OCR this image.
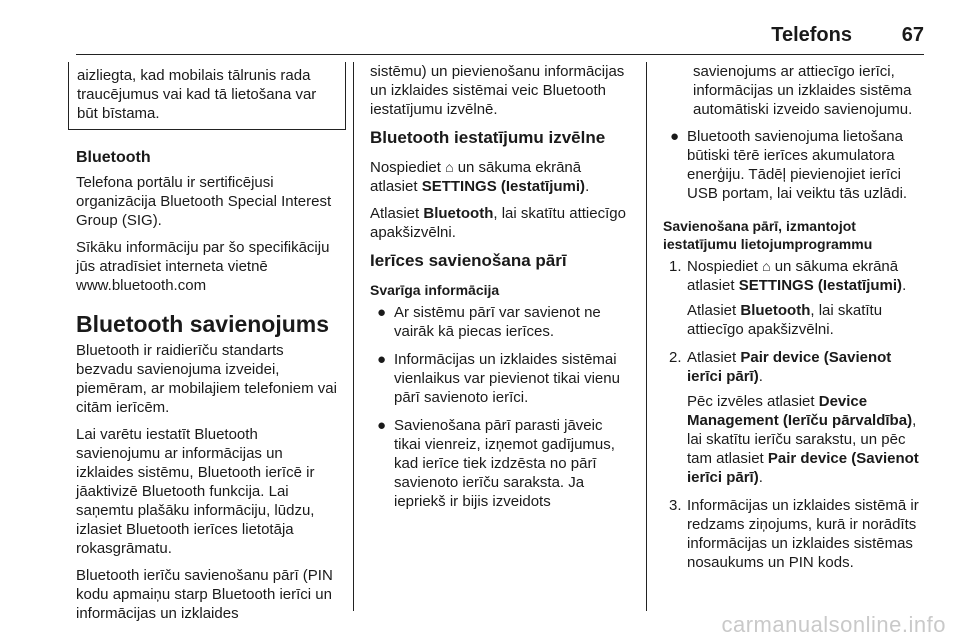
Telefons 67
aizliegta, kad mobilais tālrunis rada traucējumus vai kad tā lietošana var būt bīstama.
Bluetooth

Telefona portālu ir sertificējusi organizācija Bluetooth Special Interest Group (SIG).

Sīkāku informāciju par šo specifikāciju jūs atradīsiet interneta vietnē www.bluetooth.com

Bluetooth savienojums

Bluetooth ir raidierīču standarts bezvadu savienojuma izveidei, piemēram, ar mobilajiem telefoniem vai citām ierīcēm.

Lai varētu iestatīt Bluetooth savienojumu ar informācijas un izklaides sistēmu, Bluetooth ierīcē ir jāaktivizē Bluetooth funkcija. Lai saņemtu plašāku informāciju, lūdzu, izlasiet Bluetooth ierīces lietotāja rokasgrāmatu.

Bluetooth ierīču savienošanu pārī (PIN kodu apmaiņu starp Bluetooth ierīci un informācijas un izklaides

sistēmu) un pievienošanu informācijas un izklaides sistēmai veic Bluetooth iestatījumu izvēlnē.

Bluetooth iestatījumu izvēlne

Nospiediet ⌂ un sākuma ekrānā atlasiet SETTINGS (Iestatījumi).

Atlasiet Bluetooth, lai skatītu attiecīgo apakšizvēlni.

Ierīces savienošana pārī
Svarīga informācija
● Ar sistēmu pārī var savienot ne vairāk kā piecas ierīces.
● Informācijas un izklaides sistēmai vienlaikus var pievienot tikai vienu pārī savienoto ierīci.
● Savienošana pārī parasti jāveic tikai vienreiz, izņemot gadījumus, kad ierīce tiek izdzēsta no pārī savienoto ierīču saraksta. Ja iepriekš ir bijis izveidots

savienojums ar attiecīgo ierīci, informācijas un izklaides sistēma automātiski izveido savienojumu.

● Bluetooth savienojuma lietošana būtiski tērē ierīces akumulatora enerģiju. Tādēļ pievienojiet ierīci USB portam, lai veiktu tās uzlādi.
Savienošana pārī, izmantojot iestatījumu lietojumprogrammu
1. Nospiediet ⌂ un sākuma ekrānā atlasiet SETTINGS (Iestatījumi).

Atlasiet Bluetooth, lai skatītu attiecīgo apakšizvēlni.

2. Atlasiet Pair device (Savienot ierīci pārī).

Pēc izvēles atlasiet Device Management (Ierīču pārvaldība), lai skatītu ierīču sarakstu, un pēc tam atlasiet Pair device (Savienot ierīci pārī).

3. Informācijas un izklaides sistēmā ir redzams ziņojums, kurā ir norādīts informācijas un izklaides sistēmas nosaukums un PIN kods.

carmanualsonline.info
